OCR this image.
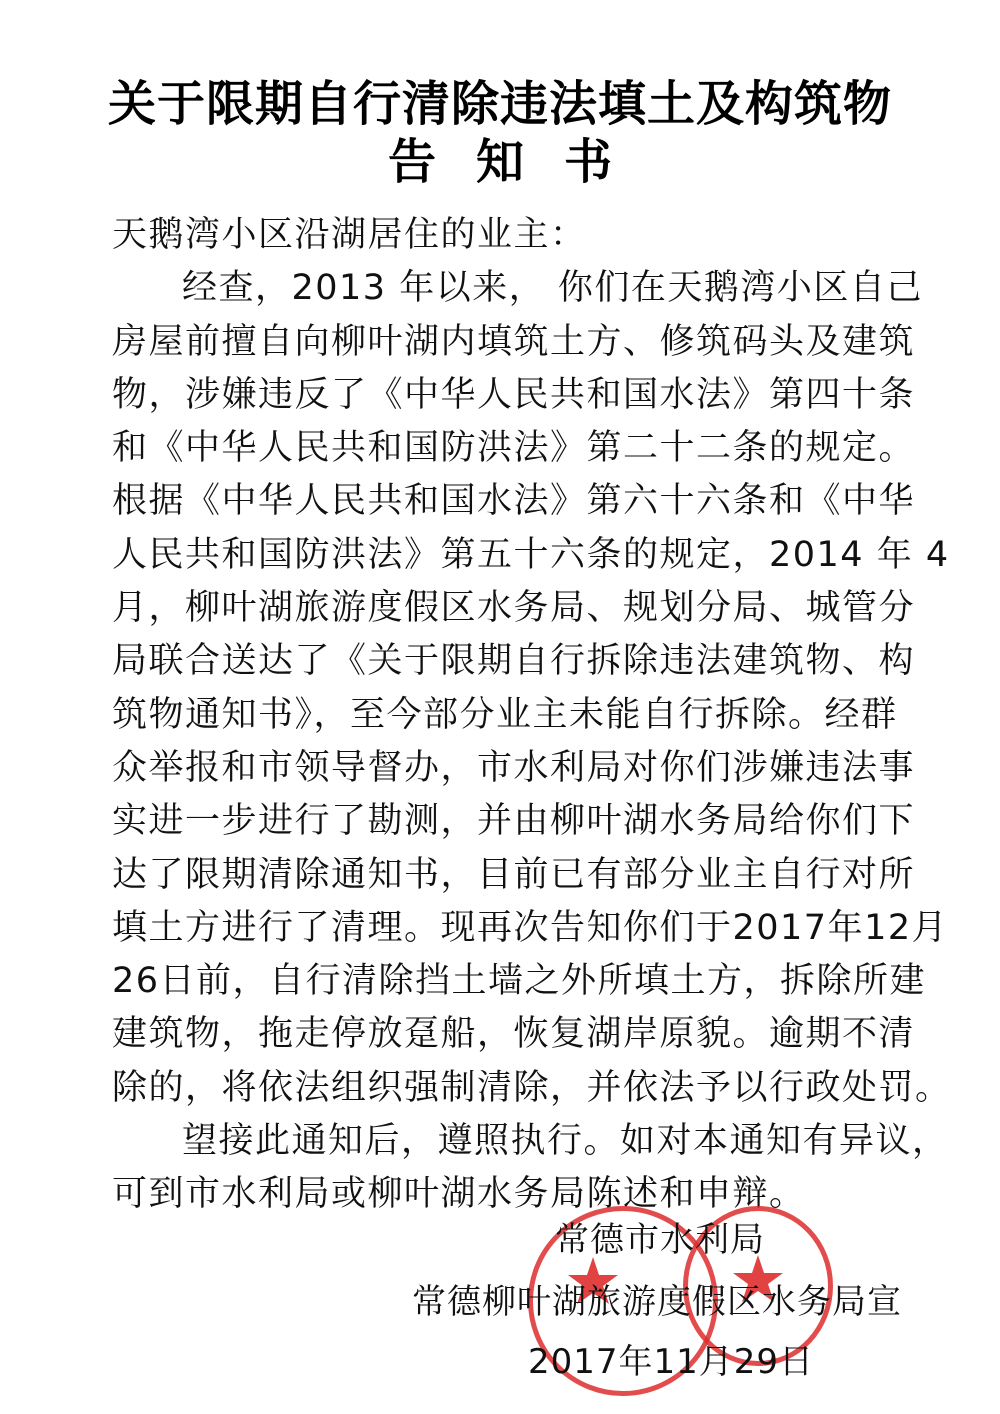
关于限期自行清除违法填土及构筑物
告知书
天鹅湾小区沿湖居住的业主：
经查，2013 年以来， 你们在天鹅湾小区自己
房屋前擅自向柳叶湖内填筑土方、修筑码头及建筑
物，涉嫌违反了《中华人民共和国水法》第四十条
和《中华人民共和国防洪法》第二十二条的规定。
根据《中华人民共和国水法》第六十六条和《中华
人民共和国防洪法》第五十六条的规定，2014 年 4
月，柳叶湖旅游度假区水务局、规划分局、城管分
局联合送达了《关于限期自行拆除违法建筑物、构
筑物通知书》，至今部分业主未能自行拆除。经群
众举报和市领导督办，市水利局对你们涉嫌违法事
实进一步进行了勘测，并由柳叶湖水务局给你们下
达了限期清除通知书，目前已有部分业主自行对所
填土方进行了清理。现再次告知你们于2017年12月
26日前，自行清除挡土墙之外所填土方，拆除所建
建筑物，拖走停放趸船，恢复湖岸原貌。逾期不清
除的，将依法组织强制清除，并依法予以行政处罚。
望接此通知后，遵照执行。如对本通知有异议，
可到市水利局或柳叶湖水务局陈述和申辩。
常德市水利局
常德柳叶湖旅游度假区水务局宣
2017年11月29日
